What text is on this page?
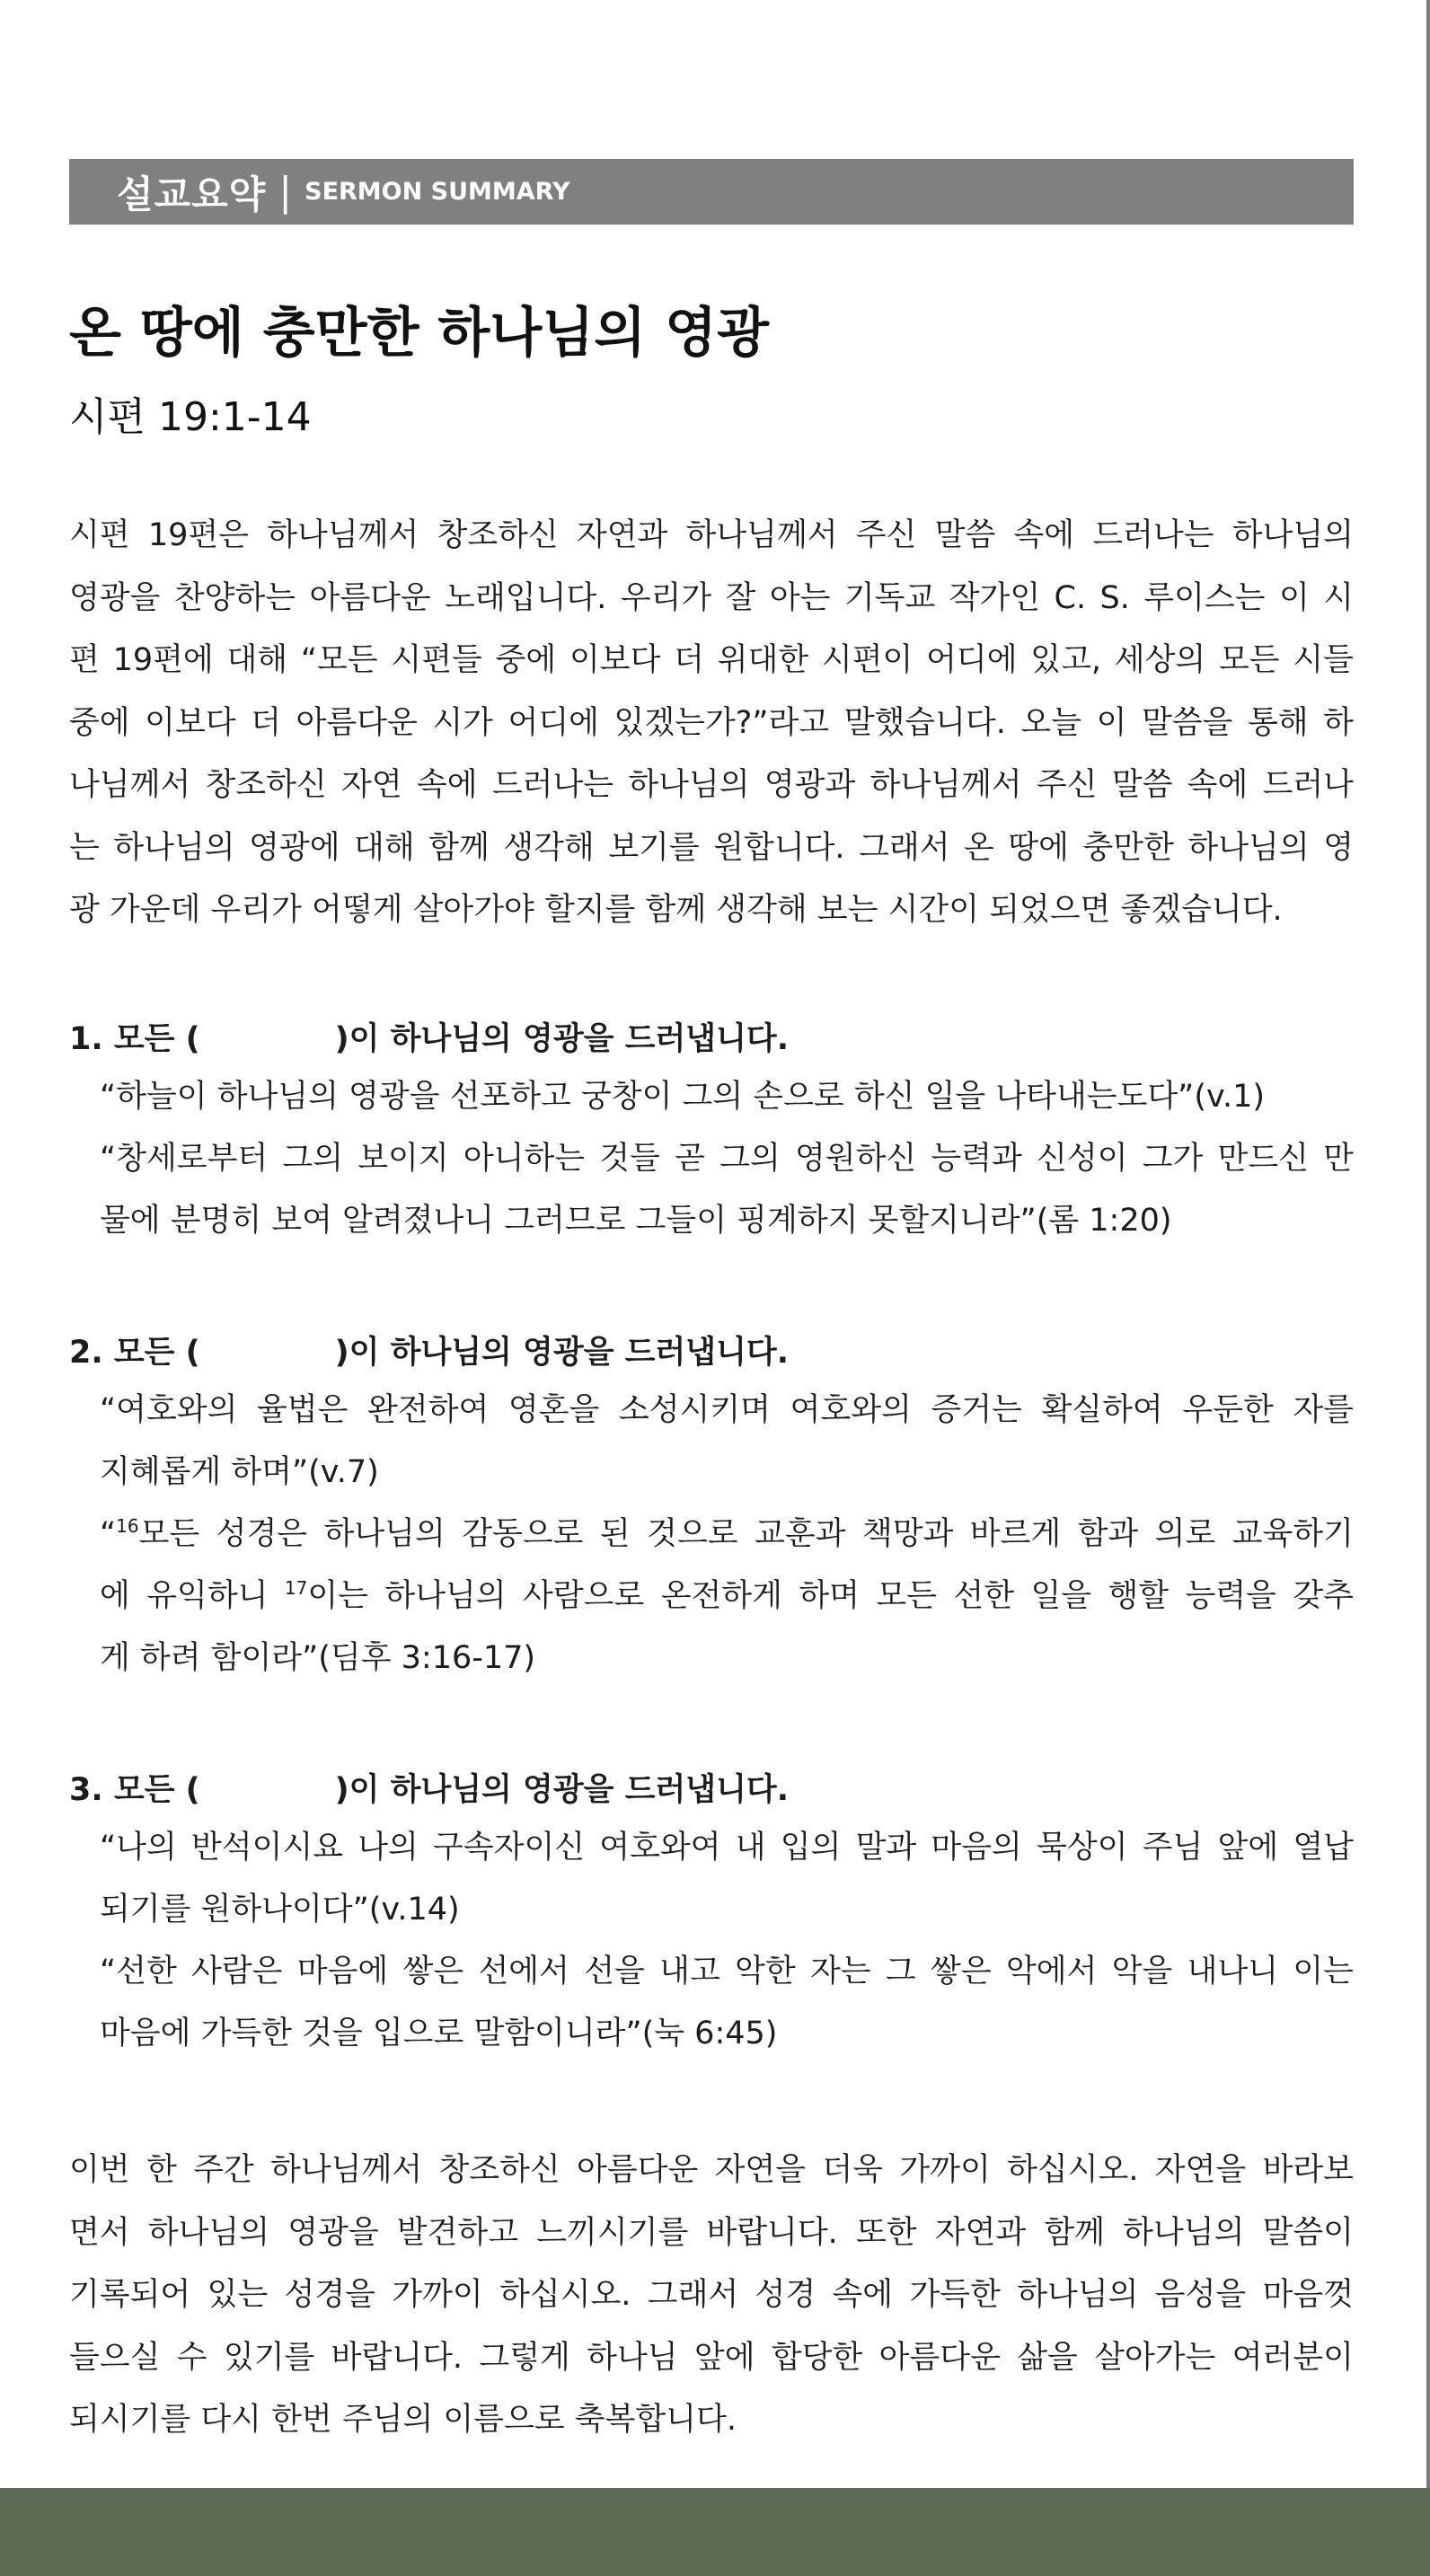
설교요약 | SERMON SUMMARY
온 땅에 충만한 하나님의 영광
시편 19:1-14
시편 19편은 하나님께서 창조하신 자연과 하나님께서 주신 말씀 속에 드러나는 하나님의
영광을 찬양하는 아름다운 노래입니다. 우리가 잘 아는 기독교 작가인 C. S. 루이스는 이 시
편 19편에 대해 “모든 시편들 중에 이보다 더 위대한 시편이 어디에 있고, 세상의 모든 시들
중에 이보다 더 아름다운 시가 어디에 있겠는가?”라고 말했습니다. 오늘 이 말씀을 통해 하
나님께서 창조하신 자연 속에 드러나는 하나님의 영광과 하나님께서 주신 말씀 속에 드러나
는 하나님의 영광에 대해 함께 생각해 보기를 원합니다. 그래서 온 땅에 충만한 하나님의 영
광 가운데 우리가 어떻게 살아가야 할지를 함께 생각해 보는 시간이 되었으면 좋겠습니다.
1. 모든 (	)이 하나님의 영광을 드러냅니다.
“하늘이 하나님의 영광을 선포하고 궁창이 그의 손으로 하신 일을 나타내는도다”(v.1)
“창세로부터 그의 보이지 아니하는 것들 곧 그의 영원하신 능력과 신성이 그가 만드신 만
물에 분명히 보여 알려졌나니 그러므로 그들이 핑계하지 못할지니라”(롬 1:20)
2. 모든 (	)이 하나님의 영광을 드러냅니다.
“여호와의 율법은 완전하여 영혼을 소성시키며 여호와의 증거는 확실하여 우둔한 자를
지혜롭게 하며”(v.7)
“$^{16}$모든 성경은 하나님의 감동으로 된 것으로 교훈과 책망과 바르게 함과 의로 교육하기
에 유익하니 $^{17}$이는 하나님의 사람으로 온전하게 하며 모든 선한 일을 행할 능력을 갖추
게 하려 함이라”(딤후 3:16-17)
3. 모든 (	)이 하나님의 영광을 드러냅니다.
“나의 반석이시요 나의 구속자이신 여호와여 내 입의 말과 마음의 묵상이 주님 앞에 열납
되기를 원하나이다”(v.14)
“선한 사람은 마음에 쌓은 선에서 선을 내고 악한 자는 그 쌓은 악에서 악을 내나니 이는
마음에 가득한 것을 입으로 말함이니라”(눅 6:45)
이번 한 주간 하나님께서 창조하신 아름다운 자연을 더욱 가까이 하십시오. 자연을 바라보
면서 하나님의 영광을 발견하고 느끼시기를 바랍니다. 또한 자연과 함께 하나님의 말씀이
기록되어 있는 성경을 가까이 하십시오. 그래서 성경 속에 가득한 하나님의 음성을 마음껏
들으실 수 있기를 바랍니다. 그렇게 하나님 앞에 합당한 아름다운 삶을 살아가는 여러분이
되시기를 다시 한번 주님의 이름으로 축복합니다.
